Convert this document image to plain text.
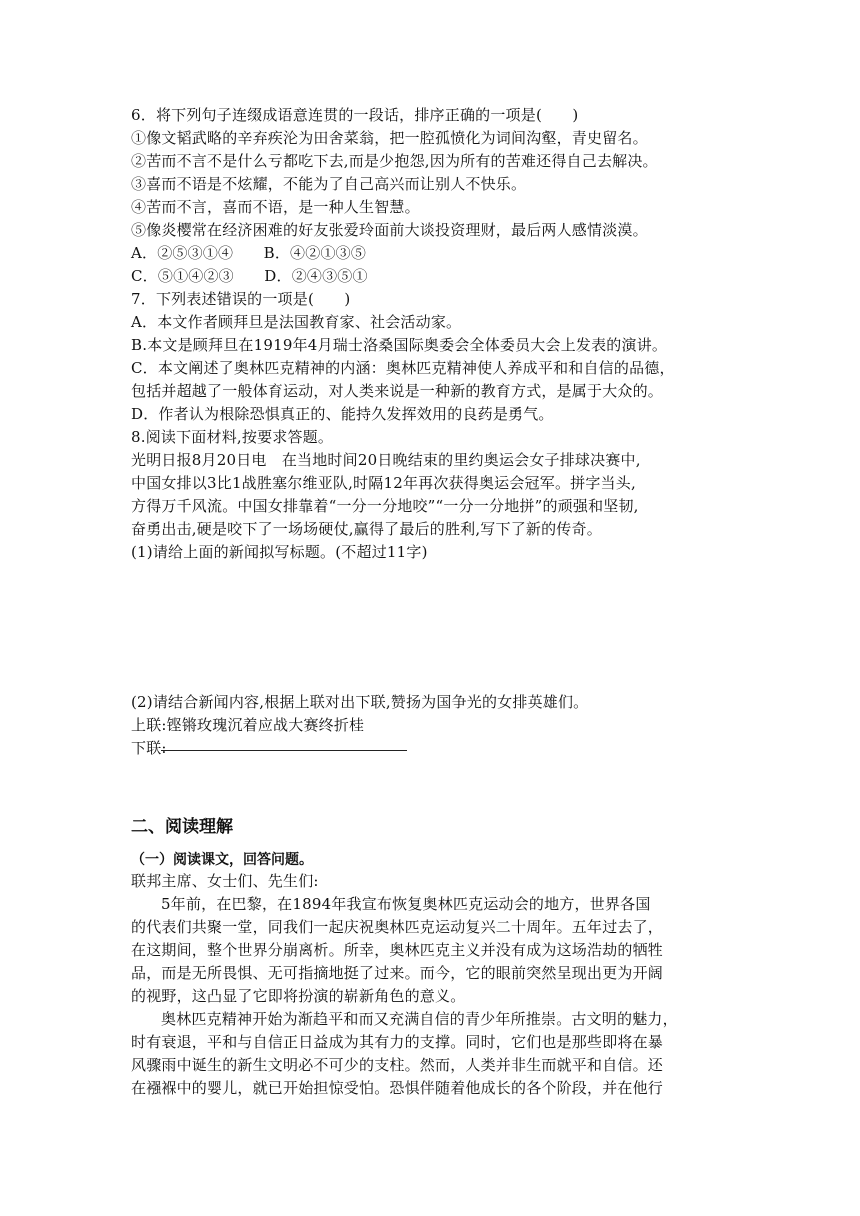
6．将下列句子连缀成语意连贯的一段话，排序正确的一项是(　　)
①像文韬武略的辛弃疾沦为田舍菜翁，把一腔孤愤化为词间沟壑，青史留名。
②苦而不言不是什么亏都吃下去,而是少抱怨,因为所有的苦难还得自己去解决。
③喜而不语是不炫耀，不能为了自己高兴而让别人不快乐。
④苦而不言，喜而不语，是一种人生智慧。
⑤像炎樱常在经济困难的好友张爱玲面前大谈投资理财，最后两人感情淡漠。
A．②⑤③①④　　B．④②①③⑤
C．⑤①④②③　　D．②④③⑤①
7．下列表述错误的一项是(　　)
A．本文作者顾拜旦是法国教育家、社会活动家。
B.本文是顾拜旦在1919年4月瑞士洛桑国际奥委会全体委员大会上发表的演讲。
C．本文阐述了奥林匹克精神的内涵：奥林匹克精神使人养成平和和自信的品德，
包括并超越了一般体育运动，对人类来说是一种新的教育方式，是属于大众的。
D．作者认为根除恐惧真正的、能持久发挥效用的良药是勇气。
8.阅读下面材料,按要求答题。
光明日报8月20日电　在当地时间20日晚结束的里约奥运会女子排球决赛中,
中国女排以3比1战胜塞尔维亚队,时隔12年再次获得奥运会冠军。拼字当头,
方得万千风流。中国女排靠着“一分一分地咬”“一分一分地拼”的顽强和坚韧,
奋勇出击,硬是咬下了一场场硬仗,赢得了最后的胜利,写下了新的传奇。
(1)请给上面的新闻拟写标题。(不超过11字)
(2)请结合新闻内容,根据上联对出下联,赞扬为国争光的女排英雄们。
上联:铿锵玫瑰沉着应战大赛终折桂
下联:
二、阅读理解
（一）阅读课文，回答问题。
联邦主席、女士们、先生们:
5年前，在巴黎，在1894年我宣布恢复奥林匹克运动会的地方，世界各国
的代表们共聚一堂，同我们一起庆祝奥林匹克运动复兴二十周年。五年过去了，
在这期间，整个世界分崩离析。所幸，奥林匹克主义并没有成为这场浩劫的牺牲
品，而是无所畏惧、无可指摘地挺了过来。而今，它的眼前突然呈现出更为开阔
的视野，这凸显了它即将扮演的崭新角色的意义。
奥林匹克精神开始为渐趋平和而又充满自信的青少年所推崇。古文明的魅力，
时有衰退，平和与自信正日益成为其有力的支撑。同时，它们也是那些即将在暴
风骤雨中诞生的新生文明必不可少的支柱。然而，人类并非生而就平和自信。还
在襁褓中的婴儿，就已开始担惊受怕。恐惧伴随着他成长的各个阶段，并在他行
